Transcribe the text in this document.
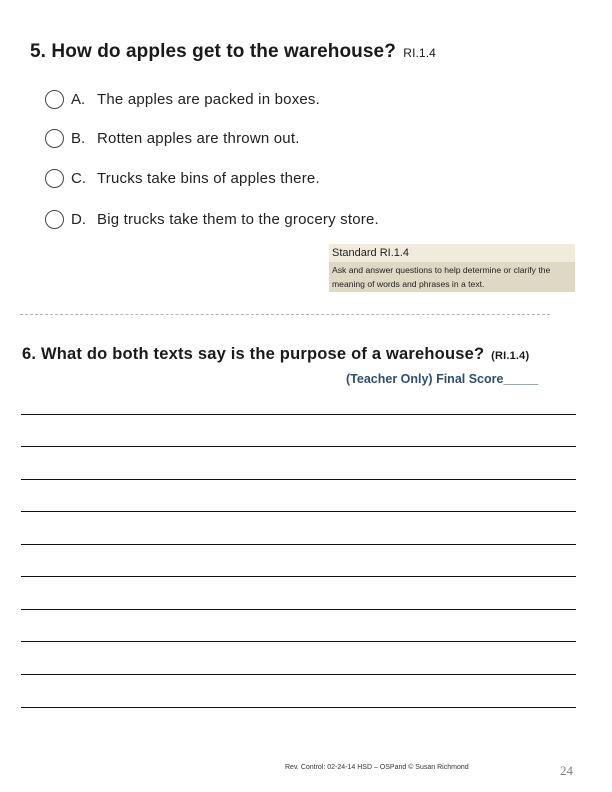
5. How do apples get to the warehouse? RI.1.4
A. The apples are packed in boxes.
B. Rotten apples are thrown out.
C. Trucks take bins of apples there.
D. Big trucks take them to the grocery store.
Standard RI.1.4
Ask and answer questions to help determine or clarify the meaning of words and phrases in a text.
6. What do both texts say is the purpose of a warehouse? (RI.1.4)
(Teacher Only) Final Score_____
Rev. Control: 02-24-14 HSD – OSPand © Susan Richmond	24
